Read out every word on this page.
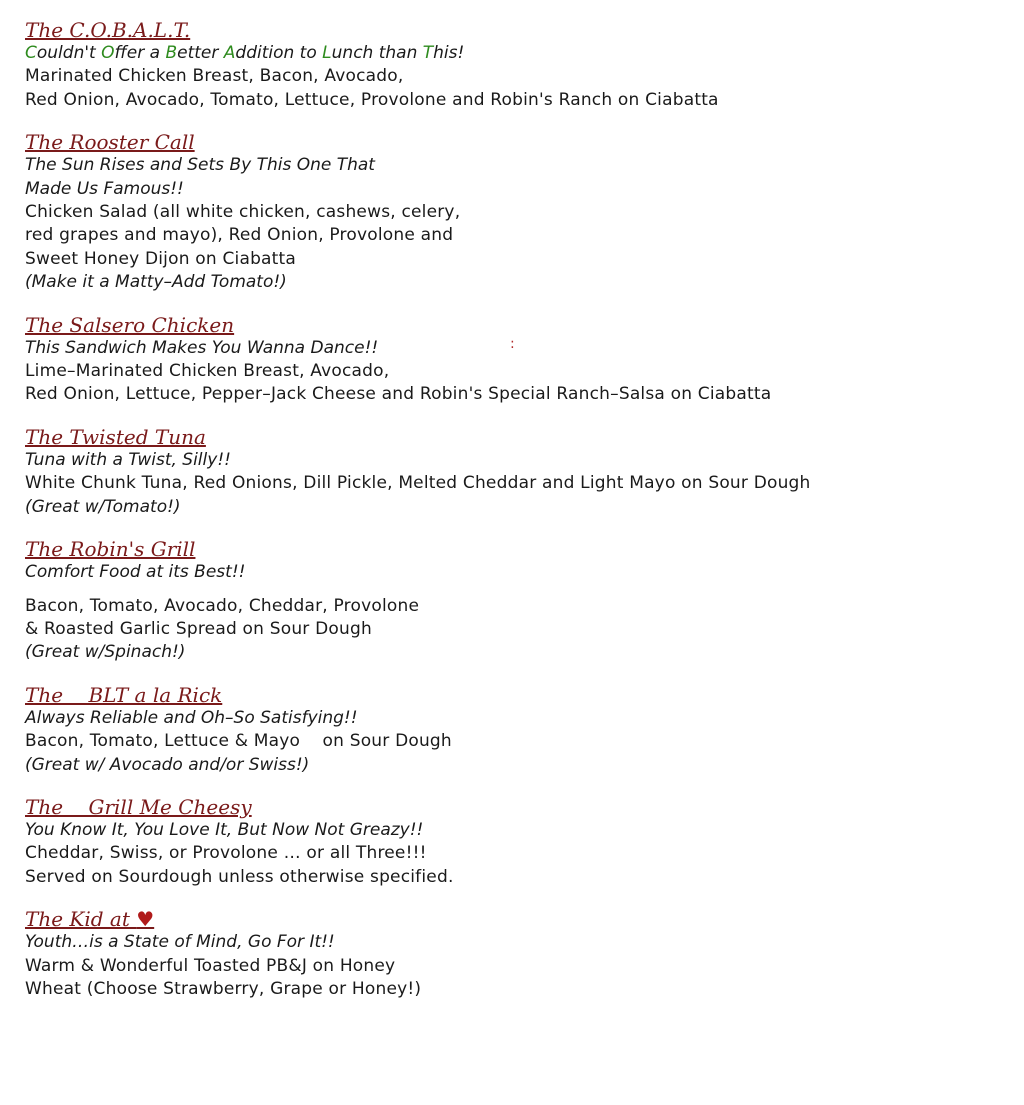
The C.O.B.A.L.T.
Couldn't Offer a Better Addition to Lunch than This!
Marinated Chicken Breast, Bacon, Avocado,
Red Onion, Avocado, Tomato, Lettuce, Provolone and Robin's Ranch on Ciabatta
The Rooster Call
The Sun Rises and Sets By This One That
Made Us Famous!!
Chicken Salad (all white chicken, cashews, celery,
red grapes and mayo), Red Onion, Provolone and
Sweet Honey Dijon on Ciabatta
(Make it a Matty–Add Tomato!)
The Salsero Chicken
This Sandwich Makes You Wanna Dance!!
Lime–Marinated Chicken Breast, Avocado,
Red Onion, Lettuce, Pepper–Jack Cheese and Robin's Special Ranch–Salsa on Ciabatta
The Twisted Tuna
Tuna with a Twist, Silly!!
White Chunk Tuna, Red Onions, Dill Pickle, Melted Cheddar and Light Mayo on Sour Dough
(Great w/Tomato!)
The Robin's Grill
Comfort Food at its Best!!
Bacon, Tomato, Avocado, Cheddar, Provolone
& Roasted Garlic Spread on Sour Dough
(Great w/Spinach!)
The    BLT a la Rick
Always Reliable and Oh–So Satisfying!!
Bacon, Tomato, Lettuce & Mayo    on Sour Dough
(Great w/ Avocado and/or Swiss!)
The    Grill Me Cheesy
You Know It, You Love It, But Now Not Greazy!!
Cheddar, Swiss, or Provolone … or all Three!!!
Served on Sourdough unless otherwise specified.
The Kid at ♥
Youth…is a State of Mind, Go For It!!
Warm & Wonderful Toasted PB&J on Honey
Wheat (Choose Strawberry, Grape or Honey!)
:
